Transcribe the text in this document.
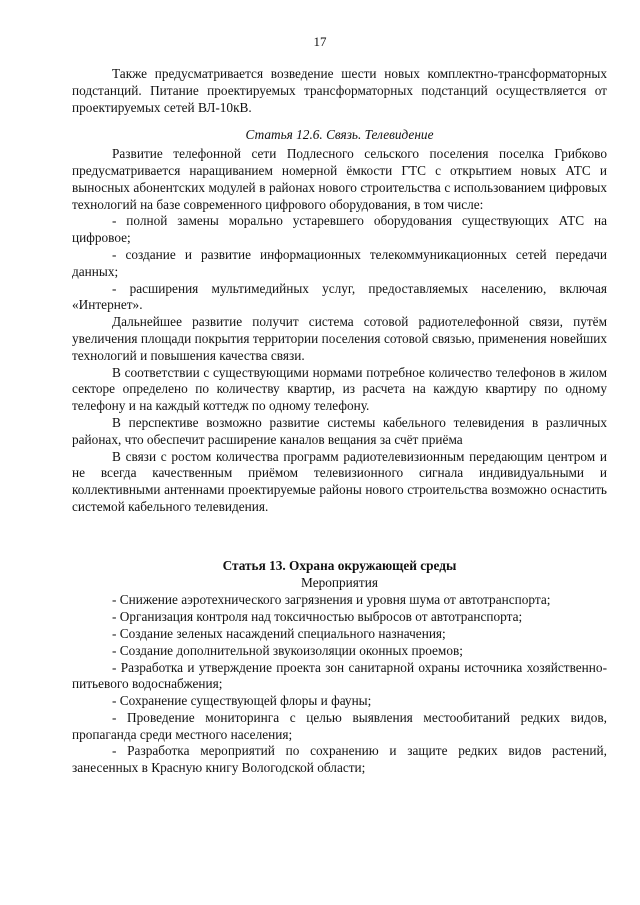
17

Также предусматривается возведение шести новых комплектно-трансформаторных подстанций. Питание проектируемых трансформаторных подстанций осуществляется от проектируемых сетей ВЛ-10кВ.

Статья 12.6. Связь. Телевидение

Развитие телефонной сети Подлесного сельского поселения поселка Грибково предусматривается наращиванием номерной ёмкости ГТС с открытием новых АТС и выносных абонентских модулей в районах нового строительства с использованием цифровых технологий на базе современного цифрового оборудования, в том числе:

- полной замены морально устаревшего оборудования существующих АТС на цифровое;

- создание и развитие информационных телекоммуникационных сетей передачи данных;

- расширения мультимедийных услуг, предоставляемых населению, включая «Интернет».

Дальнейшее развитие получит система сотовой радиотелефонной связи, путём увеличения площади покрытия территории поселения сотовой связью, применения новейших технологий и повышения качества связи.

В соответствии с существующими нормами потребное количество телефонов в жилом секторе определено по количеству квартир, из расчета на каждую квартиру по одному телефону и на каждый коттедж по одному телефону.

В перспективе возможно развитие системы кабельного телевидения в различных районах, что обеспечит расширение каналов вещания за счёт приёма

В связи с ростом количества программ радиотелевизионным передающим центром и не всегда качественным приёмом телевизионного сигнала индивидуальными и коллективными антеннами проектируемые районы нового строительства возможно оснастить системой кабельного телевидения.

Статья 13. Охрана окружающей среды

Мероприятия

- Снижение аэротехнического загрязнения и уровня шума от автотранспорта;

- Организация контроля над токсичностью выбросов от автотранспорта;

- Создание зеленых насаждений специального назначения;

- Создание дополнительной звукоизоляции оконных проемов;

- Разработка и утверждение проекта зон санитарной охраны источника хозяйственно-питьевого водоснабжения;

- Сохранение существующей флоры и фауны;

- Проведение мониторинга с целью выявления местообитаний редких видов, пропаганда среди местного населения;

- Разработка мероприятий по сохранению и защите редких видов растений, занесенных в Красную книгу Вологодской области;
